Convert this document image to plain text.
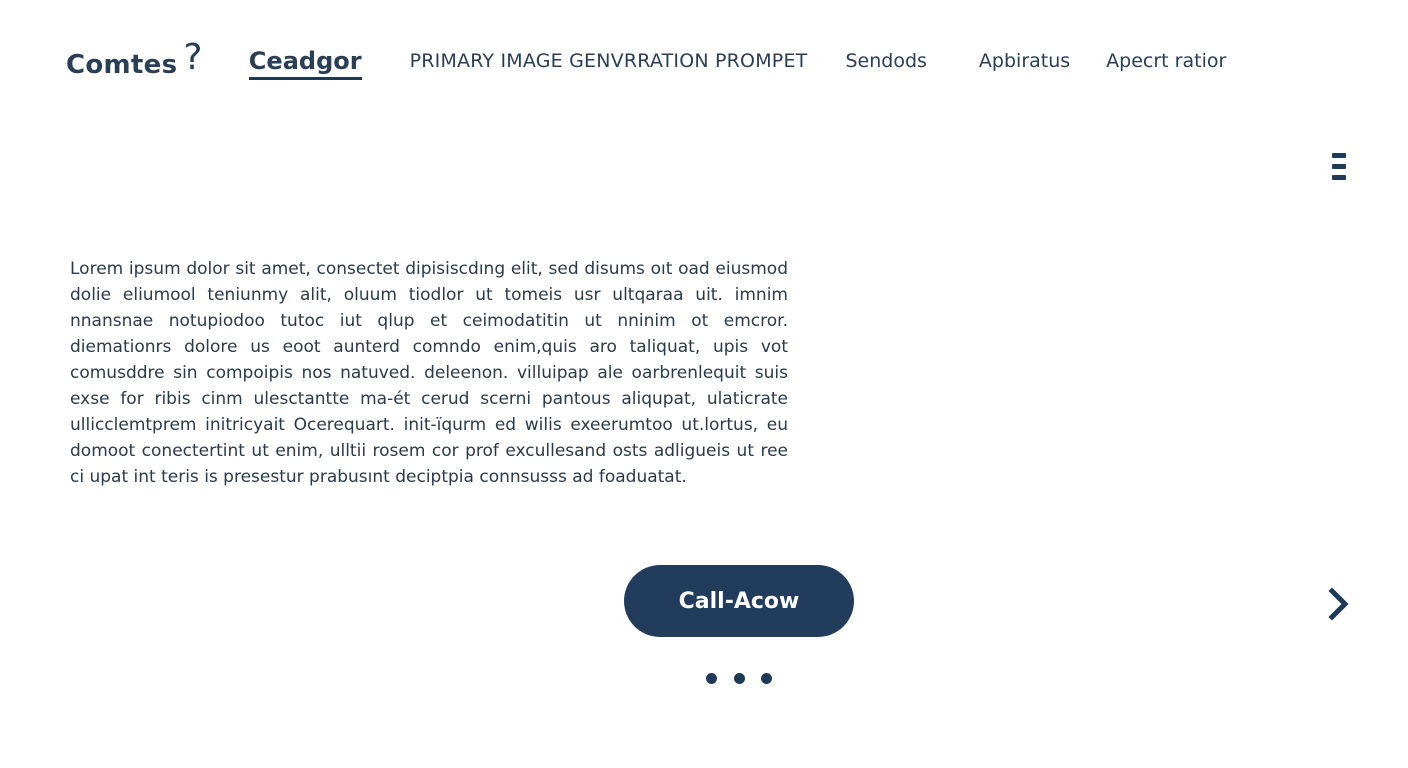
Comtes ? Ceadgor	PRIMARY IMAGE GENVRRATION PROMPET Sendods	Apbiratus Apecrt ratior

Lorem ipsum dolor sit amet, consectet dipisiscdıng elit, sed disums oıt oad eiusmod dolie eliumool teniunmy alit, oluum tiodlor ut tomeis usr ultqaraa uit. imnim nnansnae notupiodoo tutoc iut qlup et ceimodatitin ut nninim ot emcror. diemationrs dolore us eoot aunterd comndo enim,quis aro taliquat, upis vot comusddre sin compoipis nos natuved. deleenon. villuipap ale oarbrenlequit suis exse for ribis cinm ulesctantte ma-ét cerud scerni pantous aliqupat, ulaticrate ullicclemtprem initricyait Ocerequart. init-ïqurm ed wilis exeerumtoo ut.lortus, eu domoot conectertint ut enim, ulltii rosem cor prof excullesand osts adligueis ut ree ci upat int teris is presestur prabusınt deciptpia connsusss ad foaduatat.

Call-Acow
